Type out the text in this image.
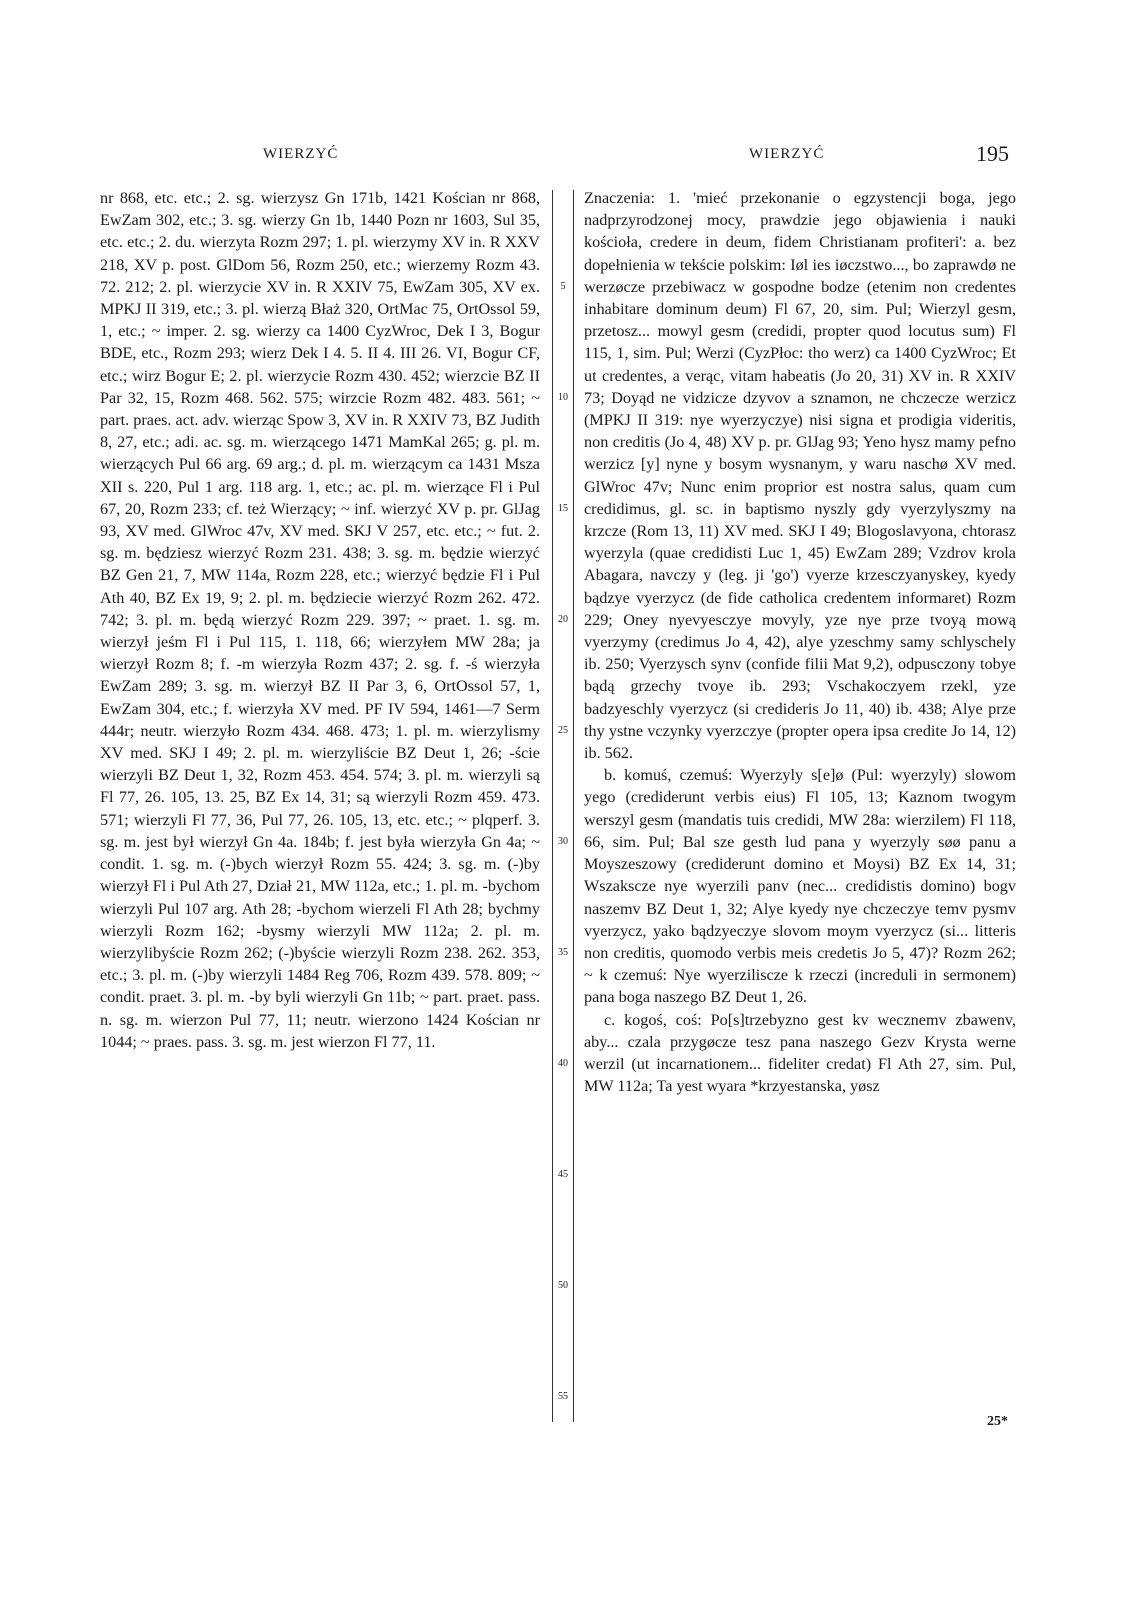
WIERZYĆ	WIERZYĆ	195

nr 868, etc. etc.; 2. sg. wierzysz Gn 171b, 1421 Kościan nr 868, EwZam 302, etc.; 3. sg. wierzy Gn 1b, 1440 Pozn nr 1603, Sul 35, etc. etc.; 2. du. wierzyta Rozm 297; 1. pl. wierzymy XV in. R XXV 218, XV p. post. GlDom 56, Rozm 250, etc.; wierzemy Rozm 43. 72. 212; 2. pl. wierzycie XV in. R XXIV 75, EwZam 305, XV ex. MPKJ II 319, etc.; 3. pl. wierzą Błaż 320, OrtMac 75, OrtOssol 59, 1, etc.; ~ imper. 2. sg. wierzy ca 1400 CyzWroc, Dek I 3, Bogur BDE, etc., Rozm 293; wierz Dek I 4. 5. II 4. III 26. VI, Bogur CF, etc.; wirz Bogur E; 2. pl. wierzycie Rozm 430. 452; wierzcie BZ II Par 32, 15, Rozm 468. 562. 575; wirzcie Rozm 482. 483. 561; ~ part. praes. act. adv. wierząc Spow 3, XV in. R XXIV 73, BZ Judith 8, 27, etc.; adi. ac. sg. m. wierzącego 1471 MamKal 265; g. pl. m. wierzących Pul 66 arg. 69 arg.; d. pl. m. wierzącym ca 1431 Msza XII s. 220, Pul 1 arg. 118 arg. 1, etc.; ac. pl. m. wierzące Fl i Pul 67, 20, Rozm 233; cf. też Wierzący; ~ inf. wierzyć XV p. pr. GlJag 93, XV med. GlWroc 47v, XV med. SKJ V 257, etc. etc.; ~ fut. 2. sg. m. będziesz wierzyć Rozm 231. 438; 3. sg. m. będzie wierzyć BZ Gen 21, 7, MW 114a, Rozm 228, etc.; wierzyć będzie Fl i Pul Ath 40, BZ Ex 19, 9; 2. pl. m. będziecie wierzyć Rozm 262. 472. 742; 3. pl. m. będą wierzyć Rozm 229. 397; ~ praet. 1. sg. m. wierzył jeśm Fl i Pul 115, 1. 118, 66; wierzyłem MW 28a; ja wierzył Rozm 8; f. -m wierzyła Rozm 437; 2. sg. f. -ś wierzyła EwZam 289; 3. sg. m. wierzył BZ II Par 3, 6, OrtOssol 57, 1, EwZam 304, etc.; f. wierzyła XV med. PF IV 594, 1461—7 Serm 444r; neutr. wierzyło Rozm 434. 468. 473; 1. pl. m. wierzylismy XV med. SKJ I 49; 2. pl. m. wierzyliście BZ Deut 1, 26; -ście wierzyli BZ Deut 1, 32, Rozm 453. 454. 574; 3. pl. m. wierzyli są Fl 77, 26. 105, 13. 25, BZ Ex 14, 31; są wierzyli Rozm 459. 473. 571; wierzyli Fl 77, 36, Pul 77, 26. 105, 13, etc. etc.; ~ plqperf. 3. sg. m. jest był wierzył Gn 4a. 184b; f. jest była wierzyła Gn 4a; ~ condit. 1. sg. m. (-)bych wierzył Rozm 55. 424; 3. sg. m. (-)by wierzył Fl i Pul Ath 27, Dział 21, MW 112a, etc.; 1. pl. m. -bychom wierzyli Pul 107 arg. Ath 28; -bychom wierzeli Fl Ath 28; bychmy wierzyli Rozm 162; -bysmy wierzyli MW 112a; 2. pl. m. wierzylibyście Rozm 262; (-)byście wierzyli Rozm 238. 262. 353, etc.; 3. pl. m. (-)by wierzyli 1484 Reg 706, Rozm 439. 578. 809; ~ condit. praet. 3. pl. m. -by byli wierzyli Gn 11b; ~ part. praet. pass. n. sg. m. wierzon Pul 77, 11; neutr. wierzono 1424 Kościan nr 1044; ~ praes. pass. 3. sg. m. jest wierzon Fl 77, 11.

5
10
15
20
25
30
35
40
45
50
55

Znaczenia: 1. 'mieć przekonanie o egzystencji boga, jego nadprzyrodzonej mocy, prawdzie jego objawienia i nauki kościoła, credere in deum, fidem Christianam profiteri': a. bez dopełnienia w tekście polskim: Iøl ies iøczstwo..., bo zaprawdø ne werzøcze przebiwacz w gospodne bodze (etenim non credentes inhabitare dominum deum) Fl 67, 20, sim. Pul; Wierzyl gesm, przetosz... mowyl gesm (credidi, propter quod locutus sum) Fl 115, 1, sim. Pul; Werzi (CyzPłoc: tho werz) ca 1400 CyzWroc; Et ut credentes, a verąc, vitam habeatis (Jo 20, 31) XV in. R XXIV 73; Doyąd ne vidzicze dzyvov a sznamon, ne chczecze werzicz (MPKJ II 319: nye wyerzyczye) nisi signa et prodigia videritis, non creditis (Jo 4, 48) XV p. pr. GlJag 93; Yeno hysz mamy pefno werzicz [y] nyne y bosym wysnanym, y waru naschø XV med. GlWroc 47v; Nunc enim proprior est nostra salus, quam cum credidimus, gl. sc. in baptismo nyszly gdy vyerzylyszmy na krzcze (Rom 13, 11) XV med. SKJ I 49; Blogoslavyona, chtorasz wyerzyla (quae credidisti Luc 1, 45) EwZam 289; Vzdrov krola Abagara, navczy y (leg. ji 'go') vyerze krzesczyanyskey, kyedy bądzye vyerzycz (de fide catholica credentem informaret) Rozm 229; Oney nyevyesczye movyly, yze nye prze tvoyą mową vyerzymy (credimus Jo 4, 42), alye yzeschmy samy schlyschely ib. 250; Vyerzysch synv (confide filii Mat 9,2), odpusczony tobye bądą grzechy tvoye ib. 293; Vschakoczyem rzekl, yze badzyeschly vyerzycz (si credideris Jo 11, 40) ib. 438; Alye prze thy ystne vczynky vyerzczye (propter opera ipsa credite Jo 14, 12) ib. 562.

b. komuś, czemuś: Wyerzyly s[e]ø (Pul: wyerzyly) slowom yego (crediderunt verbis eius) Fl 105, 13; Kaznom twogym werszyl gesm (mandatis tuis credidi, MW 28a: wierzilem) Fl 118, 66, sim. Pul; Bal sze gesth lud pana y wyerzyly søø panu a Moyszeszowy (crediderunt domino et Moysi) BZ Ex 14, 31; Wszakscze nye wyerzili panv (nec... credidistis domino) bogv naszemv BZ Deut 1, 32; Alye kyedy nye chczeczye temv pysmv vyerzycz, yako bądzyeczye slovom moym vyerzycz (si... litteris non creditis, quomodo verbis meis credetis Jo 5, 47)? Rozm 262; ~ k czemuś: Nye wyerzilisczе k rzeczi (increduli in sermonem) pana boga naszego BZ Deut 1, 26.

c. kogoś, coś: Po[s]trzebyzno gest kv wecznemv zbawenv, aby... czala przygøcze tesz pana naszego Gezv Krysta werne werzil (ut incarnationem... fideliter credat) Fl Ath 27, sim. Pul, MW 112a; Ta yest wyara *krzyestanska, yøsz

25*
